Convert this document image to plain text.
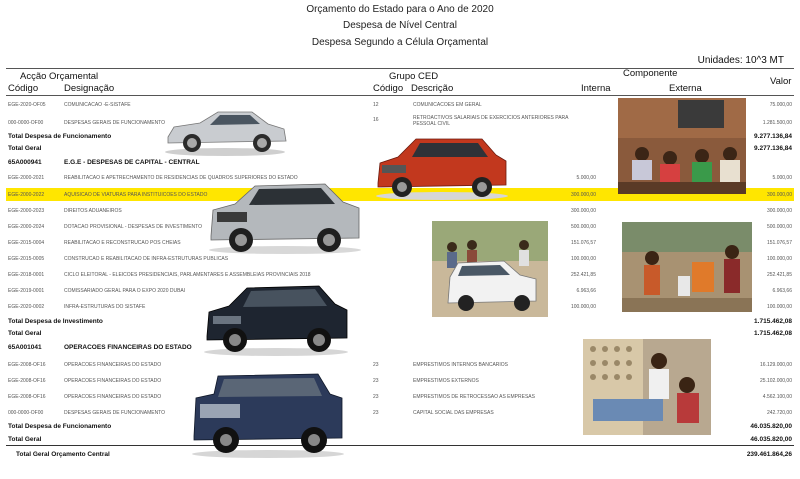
Orçamento do Estado para o Ano de 2020
Despesa de Nível Central
Despesa Segundo a Célula Orçamental
Unidades: 10^3 MT
Acção Orçamental	Grupo CED	Componente
Valor
Código	Designação	Código Descrição	Interna	Externa
EGE-2020-OF05	COMUNICACAO -E-SISTAFE	12	COMUNICACOES EM GERAL	75.000,00
000-0000-OF00	DESPESAS GERAIS DE FUNCIONAMENTO	16	RETROACTIVOS SALARIAIS DE EXERCICIOS ANTERIORES PARA
PESSOAL CIVIL	1.281.500,00
Total Despesa de Funcionamento	9.277.136,84
Total Geral	9.277.136,84
65A000941	E.G.E - DESPESAS DE CAPITAL - CENTRAL
EGE-2000-2021	REABILITACAO E APETRECHAMENTO DE RESIDENCIAS DE QUADROS SUPERIORES DO ESTADO	5.000,00	5.000,00
EGE-2000-2022	AQUISICAO DE VIATURAS PARA INSTITUICOES DO ESTADO	300.000,00	300.000,00
EGE-2000-2023	DIREITOS ADUANEIROS	300.000,00	300.000,00
EGE-2000-2024	DOTACAO PROVISIONAL - DESPESAS DE INVESTIMENTO	500.000,00	500.000,00
EGE-2015-0004	REABILITACAO E RECONSTRUCAO POS CHEIAS	151.076,57	151.076,57
EGE-2015-0005	CONSTRUCAO E REABILITACAO DE INFRA-ESTRUTURAS PUBLICAS	100.000,00	100.000,00
EGE-2018-0001	CICLO ELEITORAL - ELEICOES PRESIDENCIAIS, PARLAMENTARES E ASSEMBLEIAS PROVINCIAIS 2018	252.421,85	252.421,85
EGE-2019-0001	COMISSARIADO GERAL PARA O EXPO 2020 DUBAI	6.963,66	6.963,66
EGE-2020-0002	INFRA-ESTRUTURAS DO SISTAFE	100.000,00	100.000,00
Total Despesa de Investimento	1.715.462,08
Total Geral	1.715.462,08
65A001041	OPERACOES FINANCEIRAS DO ESTADO
EGE-2008-OF16	OPERACOES FINANCEIRAS DO ESTADO	23	EMPRESTIMOS INTERNOS BANCARIOS	16.129.000,00
EGE-2008-OF16	OPERACOES FINANCEIRAS DO ESTADO	23	EMPRESTIMOS EXTERNOS	25.102.000,00
EGE-2008-OF16	OPERACOES FINANCEIRAS DO ESTADO	23	EMPRESTIMOS DE RETROCESSAO AS EMPRESAS	4.562.100,00
000-0000-OF00	DESPESAS GERAIS DE FUNCIONAMENTO	23	CAPITAL SOCIAL DAS EMPRESAS	242.720,00
Total Despesa de Funcionamento	46.035.820,00
Total Geral	46.035.820,00
Total Geral Orçamento Central	239.461.864,26
